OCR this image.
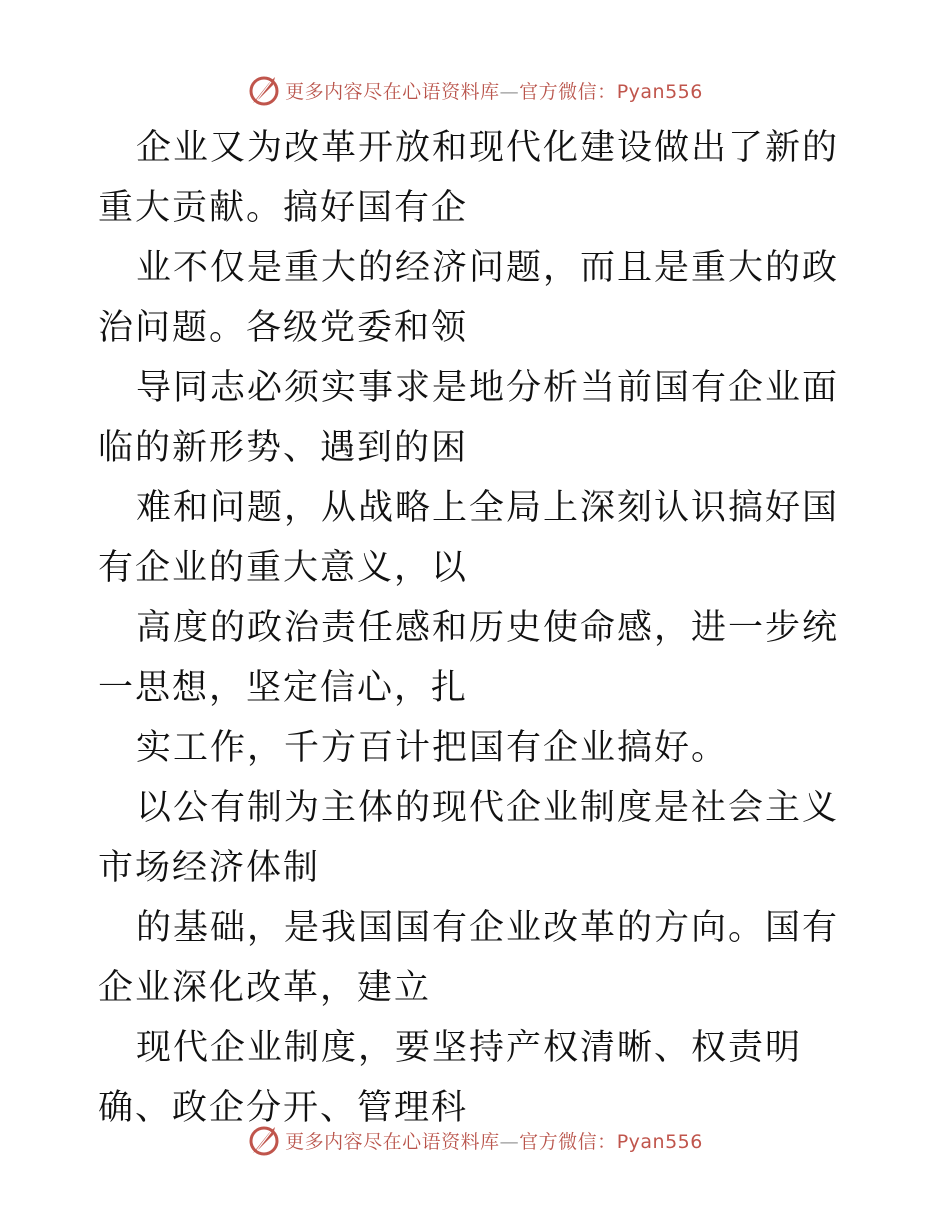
更多内容尽在心语资料库—官方微信：Pyan556

企业又为改革开放和现代化建设做出了新的重大贡献。搞好国有企

业不仅是重大的经济问题，而且是重大的政治问题。各级党委和领

导同志必须实事求是地分析当前国有企业面临的新形势、遇到的困

难和问题，从战略上全局上深刻认识搞好国有企业的重大意义，以

高度的政治责任感和历史使命感，进一步统一思想，坚定信心，扎

实工作，千方百计把国有企业搞好。

以公有制为主体的现代企业制度是社会主义市场经济体制

的基础，是我国国有企业改革的方向。国有企业深化改革，建立

现代企业制度，要坚持产权清晰、权责明确、政企分开、管理科

更多内容尽在心语资料库—官方微信：Pyan556
